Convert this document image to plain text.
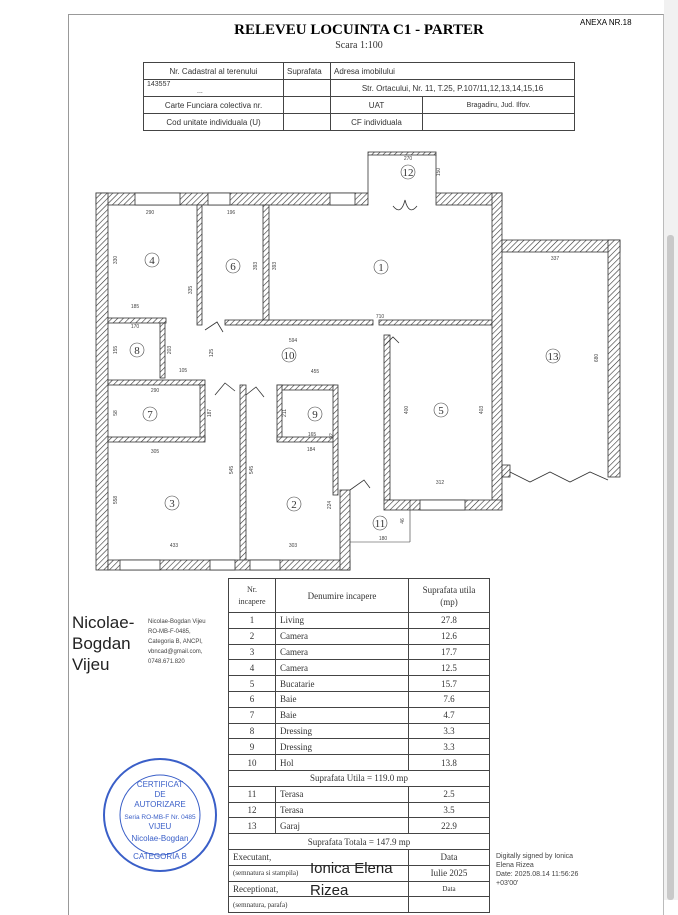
RELEVEU LOCUINTA C1 - PARTER
Scara 1:100
ANEXA NR.18
Nr. Cadastral al terenului	Suprafata	Adresa imobilului	
143557
...		Str. Ortacului, Nr. 11, T.25, P.107/11,12,13,14,15,16	
Carte Funciara colectiva nr.		UAT	Bragadiru, Jud. Ilfov.
Cod unitate individuala (U)		CF individuala	
1
2
3
4
5
6
7
8
9
10
11
12
13
290	196
330
335
393	393
185
170
155	203
105
125
710
594
455
290
58	187	211
165
184
92
305
545	545
558
224
433	303
180
46
270
150
337
680
400	403
312
Nr. incapere	Denumire incapere	Suprafata utila (mp)
1	Living	27.8
2	Camera	12.6
3	Camera	17.7
4	Camera	12.5
5	Bucatarie	15.7
6	Baie	7.6
7	Baie	4.7
8	Dressing	3.3
9	Dressing	3.3
10	Hol	13.8
Suprafata Utila = 119.0 mp		
11	Terasa	2.5
12	Terasa	3.5
13	Garaj	22.9
Suprafata Totala = 147.9 mp		
Executant,		Data
(semnatura si stampila)		Iulie 2025
Receptionat,		Data
(semnatura, parafa)		
Nicolae-Bogdan Vijeu
Nicolae-Bogdan Vijeu
RO-MB-F-0485,
Categoria B, ANCPI,
vbncad@gmail.com,
0748.671.820
CERTIFICAT
DE
AUTORIZARE
Seria RO-MB-F Nr. 0485
VIJEU
Nicolae-Bogdan
CATEGORIA B
Ionica Elena
Rizea
Digitally signed by Ionica
Elena Rizea
Date: 2025.08.14 11:56:26
+03'00'
